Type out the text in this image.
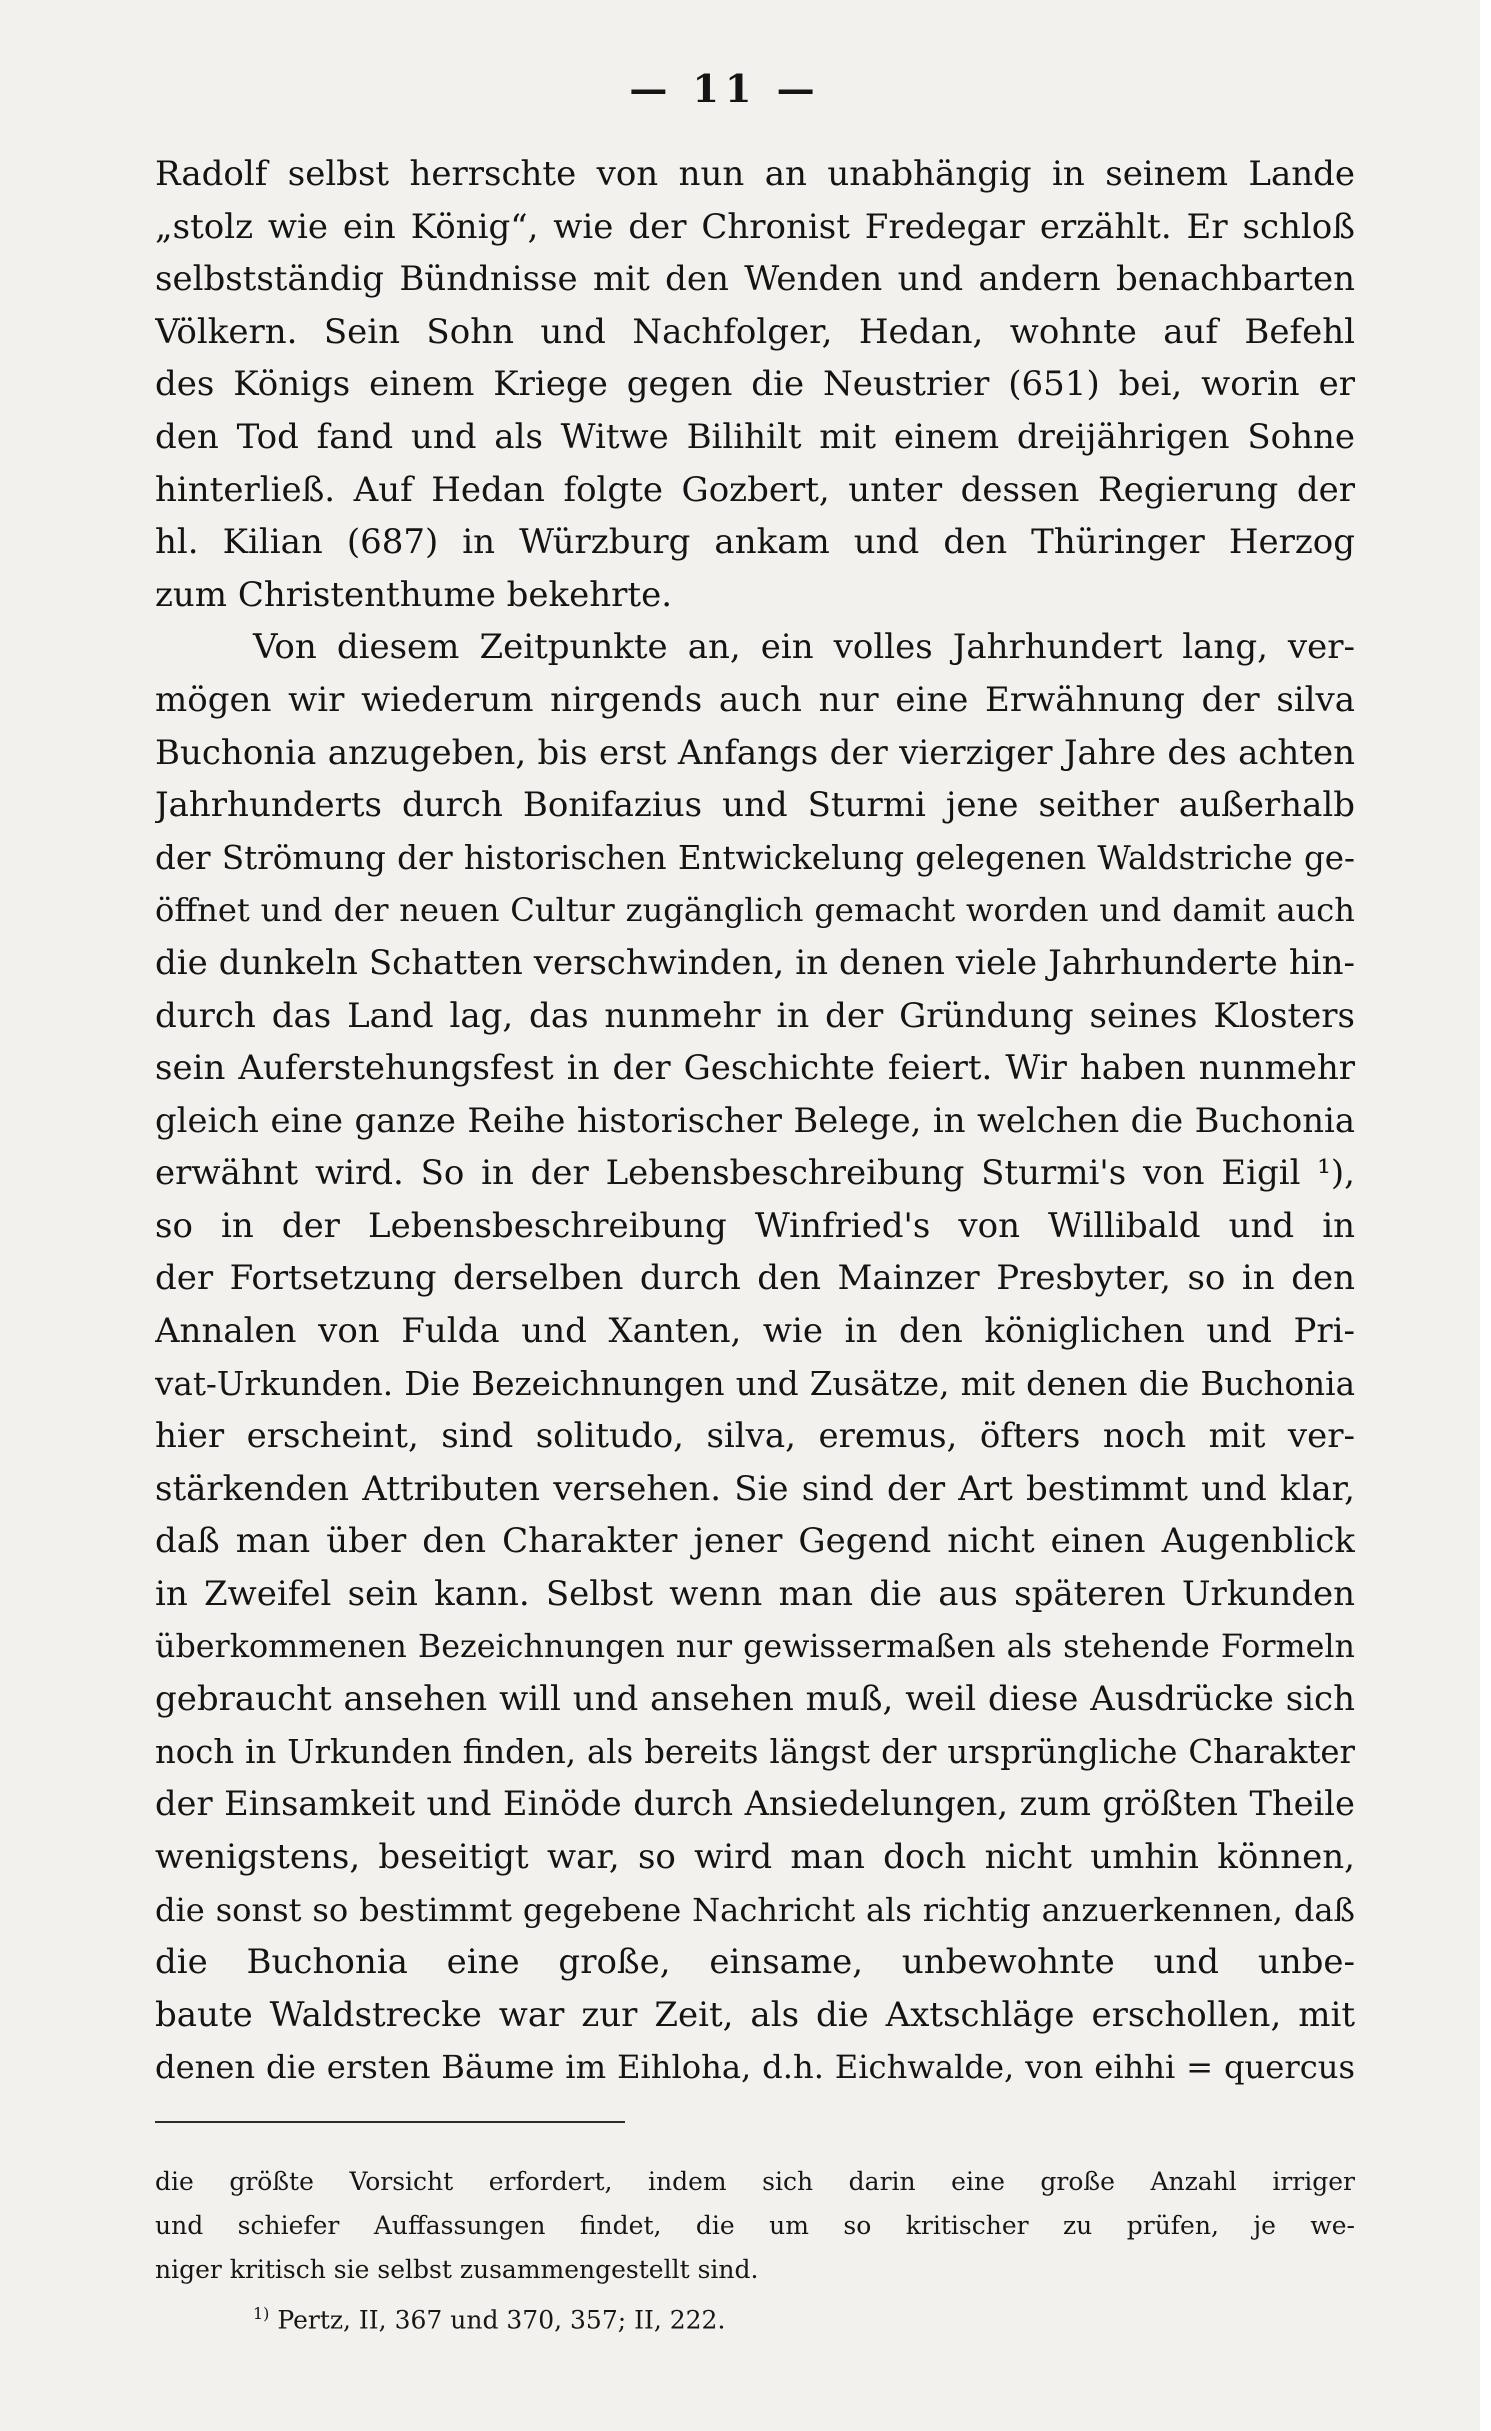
— 11 —
Radolf selbst herrschte von nun an unabhängig in seinem Lande
„stolz wie ein König“, wie der Chronist Fredegar erzählt. Er schloß
selbstständig Bündnisse mit den Wenden und andern benachbarten
Völkern. Sein Sohn und Nachfolger, Hedan, wohnte auf Befehl
des Königs einem Kriege gegen die Neustrier (651) bei, worin er
den Tod fand und als Witwe Bilihilt mit einem dreijährigen Sohne
hinterließ. Auf Hedan folgte Gozbert, unter dessen Regierung der
hl. Kilian (687) in Würzburg ankam und den Thüringer Herzog
zum Christenthume bekehrte.
Von diesem Zeitpunkte an, ein volles Jahrhundert lang, ver-
mögen wir wiederum nirgends auch nur eine Erwähnung der silva
Buchonia anzugeben, bis erst Anfangs der vierziger Jahre des achten
Jahrhunderts durch Bonifazius und Sturmi jene seither außerhalb
der Strömung der historischen Entwickelung gelegenen Waldstriche ge-
öffnet und der neuen Cultur zugänglich gemacht worden und damit auch
die dunkeln Schatten verschwinden, in denen viele Jahrhunderte hin-
durch das Land lag, das nunmehr in der Gründung seines Klosters
sein Auferstehungsfest in der Geschichte feiert. Wir haben nunmehr
gleich eine ganze Reihe historischer Belege, in welchen die Buchonia
erwähnt wird. So in der Lebensbeschreibung Sturmi's von Eigil ¹),
so in der Lebensbeschreibung Winfried's von Willibald und in
der Fortsetzung derselben durch den Mainzer Presbyter, so in den
Annalen von Fulda und Xanten, wie in den königlichen und Pri-
vat-Urkunden. Die Bezeichnungen und Zusätze, mit denen die Buchonia
hier erscheint, sind solitudo, silva, eremus, öfters noch mit ver-
stärkenden Attributen versehen. Sie sind der Art bestimmt und klar,
daß man über den Charakter jener Gegend nicht einen Augenblick
in Zweifel sein kann. Selbst wenn man die aus späteren Urkunden
überkommenen Bezeichnungen nur gewissermaßen als stehende Formeln
gebraucht ansehen will und ansehen muß, weil diese Ausdrücke sich
noch in Urkunden finden, als bereits längst der ursprüngliche Charakter
der Einsamkeit und Einöde durch Ansiedelungen, zum größten Theile
wenigstens, beseitigt war, so wird man doch nicht umhin können,
die sonst so bestimmt gegebene Nachricht als richtig anzuerkennen, daß
die Buchonia eine große, einsame, unbewohnte und unbe-
baute Waldstrecke war zur Zeit, als die Axtschläge erschollen, mit
denen die ersten Bäume im Eihloha, d.h. Eichwalde, von eihhi = quercus
die größte Vorsicht erfordert, indem sich darin eine große Anzahl irriger
und schiefer Auffassungen findet, die um so kritischer zu prüfen, je we-
niger kritisch sie selbst zusammengestellt sind.
$^{1)}$ Pertz, II, 367 und 370, 357; II, 222.
